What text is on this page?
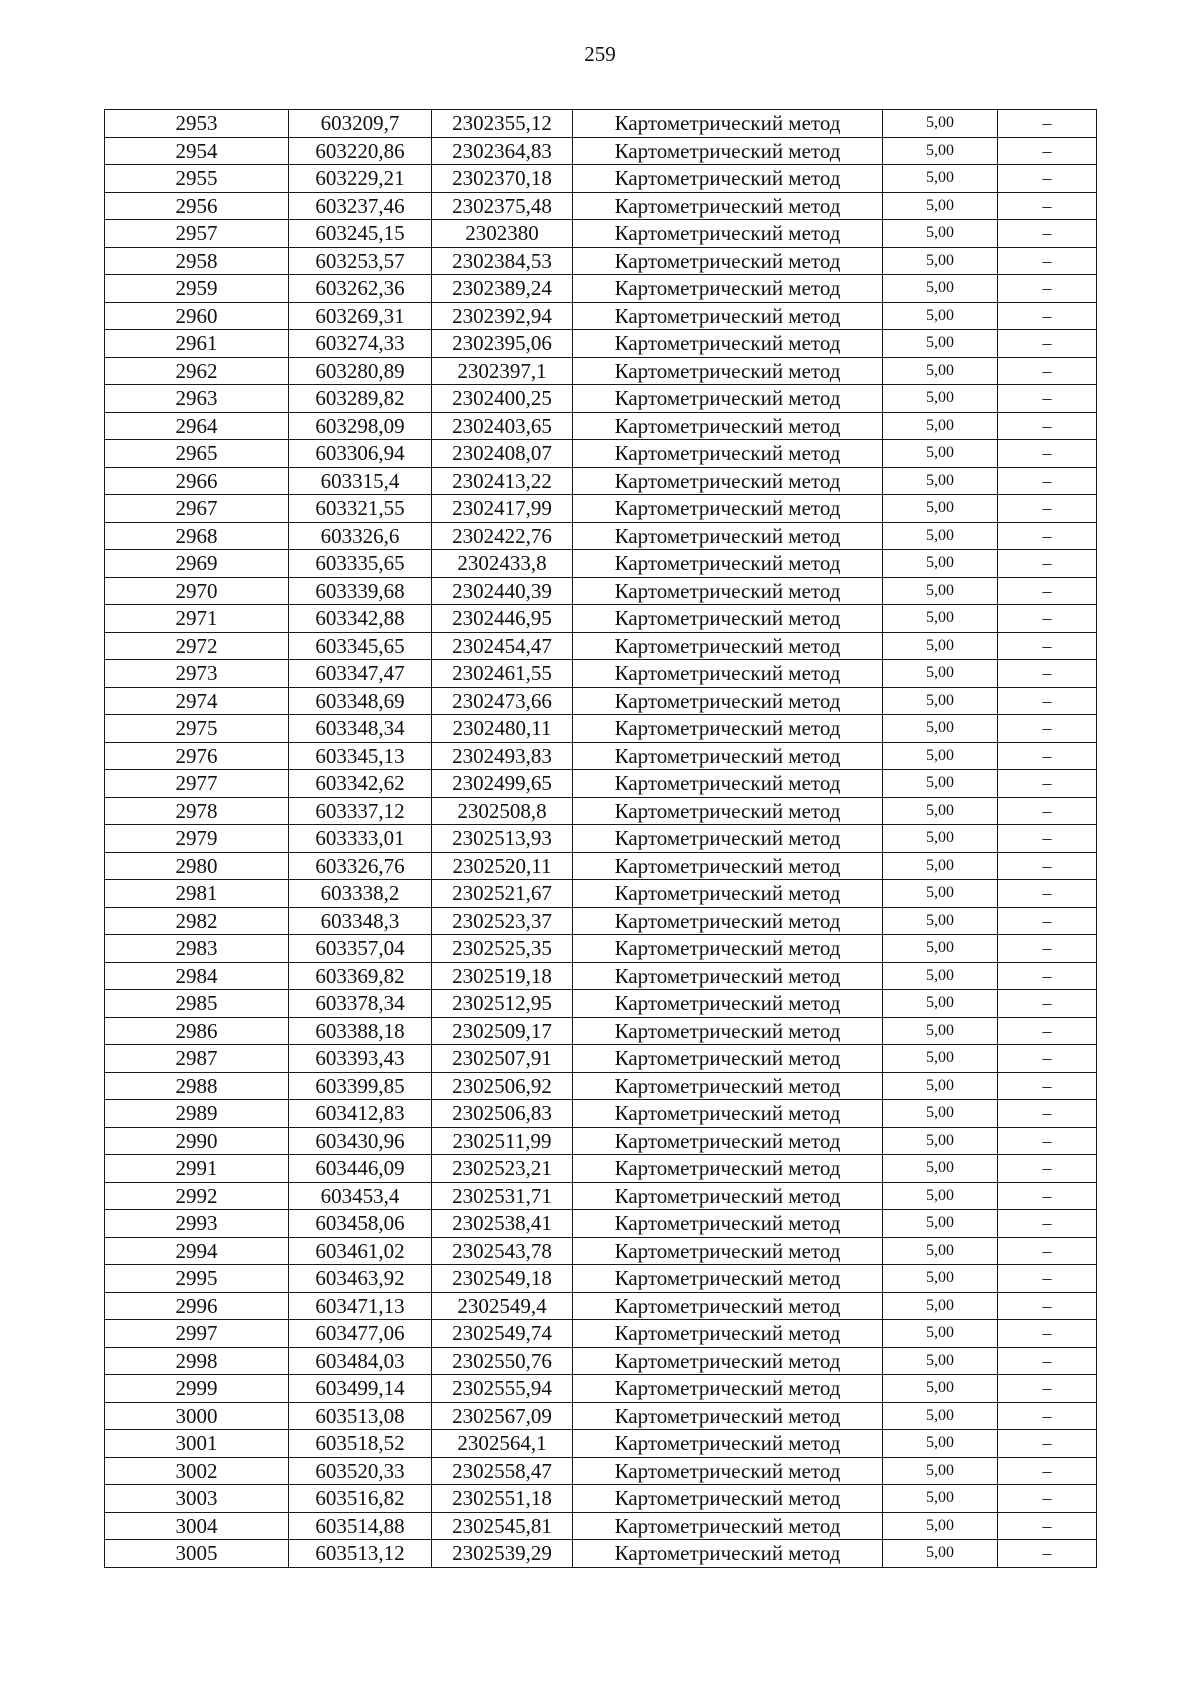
259
2953	603209,7	2302355,12	Картометрический метод	5,00	–
2954	603220,86	2302364,83	Картометрический метод	5,00	–
2955	603229,21	2302370,18	Картометрический метод	5,00	–
2956	603237,46	2302375,48	Картометрический метод	5,00	–
2957	603245,15	2302380	Картометрический метод	5,00	–
2958	603253,57	2302384,53	Картометрический метод	5,00	–
2959	603262,36	2302389,24	Картометрический метод	5,00	–
2960	603269,31	2302392,94	Картометрический метод	5,00	–
2961	603274,33	2302395,06	Картометрический метод	5,00	–
2962	603280,89	2302397,1	Картометрический метод	5,00	–
2963	603289,82	2302400,25	Картометрический метод	5,00	–
2964	603298,09	2302403,65	Картометрический метод	5,00	–
2965	603306,94	2302408,07	Картометрический метод	5,00	–
2966	603315,4	2302413,22	Картометрический метод	5,00	–
2967	603321,55	2302417,99	Картометрический метод	5,00	–
2968	603326,6	2302422,76	Картометрический метод	5,00	–
2969	603335,65	2302433,8	Картометрический метод	5,00	–
2970	603339,68	2302440,39	Картометрический метод	5,00	–
2971	603342,88	2302446,95	Картометрический метод	5,00	–
2972	603345,65	2302454,47	Картометрический метод	5,00	–
2973	603347,47	2302461,55	Картометрический метод	5,00	–
2974	603348,69	2302473,66	Картометрический метод	5,00	–
2975	603348,34	2302480,11	Картометрический метод	5,00	–
2976	603345,13	2302493,83	Картометрический метод	5,00	–
2977	603342,62	2302499,65	Картометрический метод	5,00	–
2978	603337,12	2302508,8	Картометрический метод	5,00	–
2979	603333,01	2302513,93	Картометрический метод	5,00	–
2980	603326,76	2302520,11	Картометрический метод	5,00	–
2981	603338,2	2302521,67	Картометрический метод	5,00	–
2982	603348,3	2302523,37	Картометрический метод	5,00	–
2983	603357,04	2302525,35	Картометрический метод	5,00	–
2984	603369,82	2302519,18	Картометрический метод	5,00	–
2985	603378,34	2302512,95	Картометрический метод	5,00	–
2986	603388,18	2302509,17	Картометрический метод	5,00	–
2987	603393,43	2302507,91	Картометрический метод	5,00	–
2988	603399,85	2302506,92	Картометрический метод	5,00	–
2989	603412,83	2302506,83	Картометрический метод	5,00	–
2990	603430,96	2302511,99	Картометрический метод	5,00	–
2991	603446,09	2302523,21	Картометрический метод	5,00	–
2992	603453,4	2302531,71	Картометрический метод	5,00	–
2993	603458,06	2302538,41	Картометрический метод	5,00	–
2994	603461,02	2302543,78	Картометрический метод	5,00	–
2995	603463,92	2302549,18	Картометрический метод	5,00	–
2996	603471,13	2302549,4	Картометрический метод	5,00	–
2997	603477,06	2302549,74	Картометрический метод	5,00	–
2998	603484,03	2302550,76	Картометрический метод	5,00	–
2999	603499,14	2302555,94	Картометрический метод	5,00	–
3000	603513,08	2302567,09	Картометрический метод	5,00	–
3001	603518,52	2302564,1	Картометрический метод	5,00	–
3002	603520,33	2302558,47	Картометрический метод	5,00	–
3003	603516,82	2302551,18	Картометрический метод	5,00	–
3004	603514,88	2302545,81	Картометрический метод	5,00	–
3005	603513,12	2302539,29	Картометрический метод	5,00	–
